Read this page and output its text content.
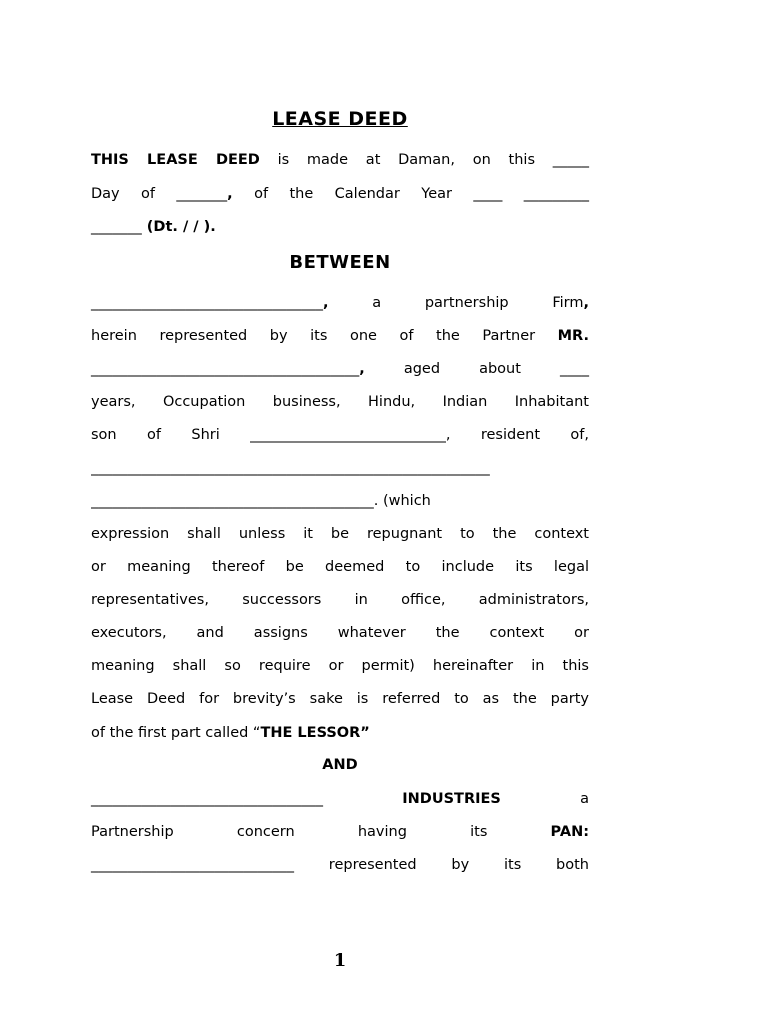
LEASE DEED
THIS LEASE DEED is made at Daman, on this _____
Day of _______, of the Calendar Year ____ _________
_______ (Dt. / / ).
BETWEEN
________________________________, a partnership Firm,
herein represented by its one of the Partner MR.
_____________________________________, aged about ____
years, Occupation business, Hindu, Indian Inhabitant
son of Shri ___________________________, resident of,
_______________________________________________________
_______________________________________. (which
expression shall unless it be repugnant to the context
or meaning thereof be deemed to include its legal
representatives, successors in office, administrators,
executors, and assigns whatever the context or
meaning shall so require or permit) hereinafter in this
Lease Deed for brevity’s sake is referred to as the party
of the first part called “THE LESSOR”
AND
________________________________	INDUSTRIES	a
Partnership concern having its PAN:
____________________________ represented by its both
1
